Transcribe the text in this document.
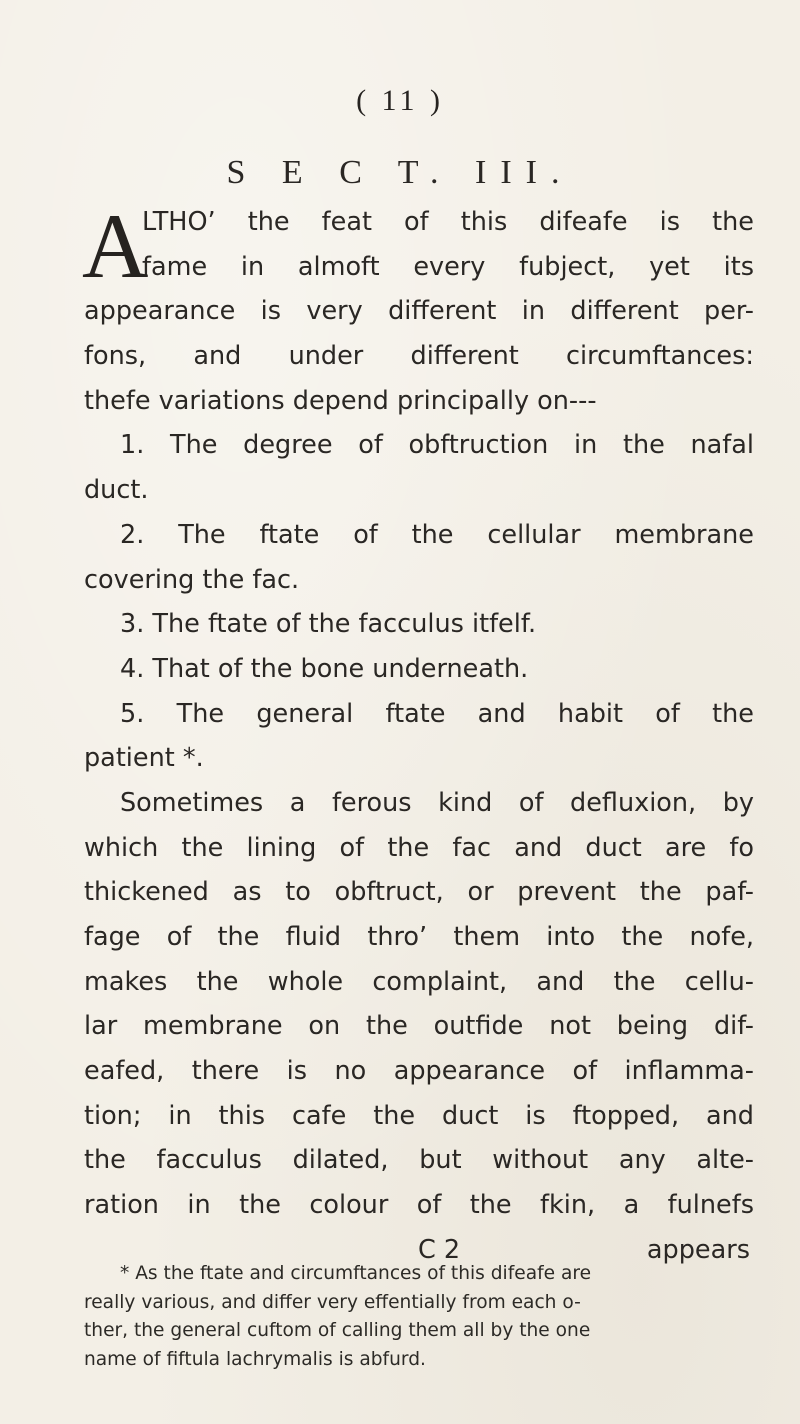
( 11 )
S E C T. III.
A
LTHO’ the feat of this difeafe is the
fame in almoft every fubject, yet its
appearance is very different in different per-
fons, and under different circumftances:
thefe variations depend principally on---
1. The degree of obftruction in the nafal
duct.
2. The ftate of the cellular membrane
covering the fac.
3. The ftate of the facculus itfelf.
4. That of the bone underneath.
5. The general ftate and habit of the
patient *.
Sometimes a ferous kind of defluxion, by
which the lining of the fac and duct are fo
thickened as to obftruct, or prevent the paf-
fage of the fluid thro’ them into the nofe,
makes the whole complaint, and the cellu-
lar membrane on the outfide not being dif-
eafed, there is no appearance of inflamma-
tion; in this cafe the duct is ftopped, and
the facculus dilated, but without any alte-
ration in the colour of the fkin, a fulnefs
C 2	appears
* As the ftate and circumftances of this difeafe are
really various, and differ very effentially from each o-
ther, the general cuftom of calling them all by the one
name of fiftula lachrymalis is abfurd.
